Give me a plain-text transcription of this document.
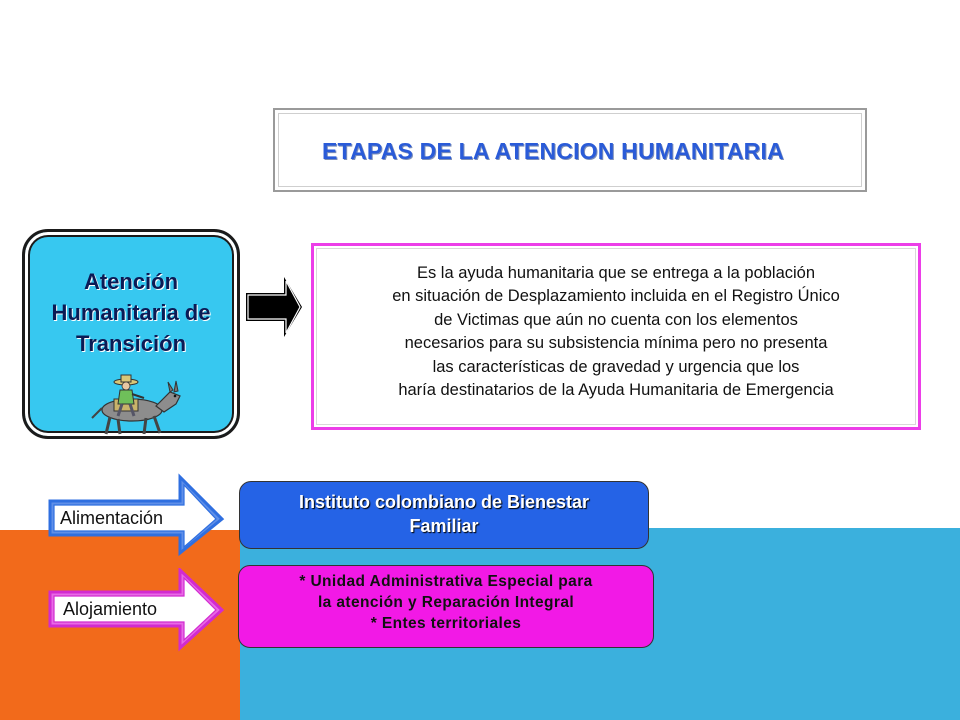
ETAPAS DE LA ATENCION HUMANITARIA
Atención
Humanitaria de
Transición
Es la ayuda humanitaria que se entrega a la población
en situación de Desplazamiento incluida en el Registro Único
de Victimas que aún no cuenta con los elementos
necesarios para su subsistencia mínima pero no presenta
las características de gravedad y urgencia que los
haría destinatarios de la Ayuda Humanitaria de Emergencia
Alimentación
Alojamiento
Instituto colombiano de Bienestar
Familiar
* Unidad Administrativa Especial para
la atención y Reparación Integral
* Entes territoriales
